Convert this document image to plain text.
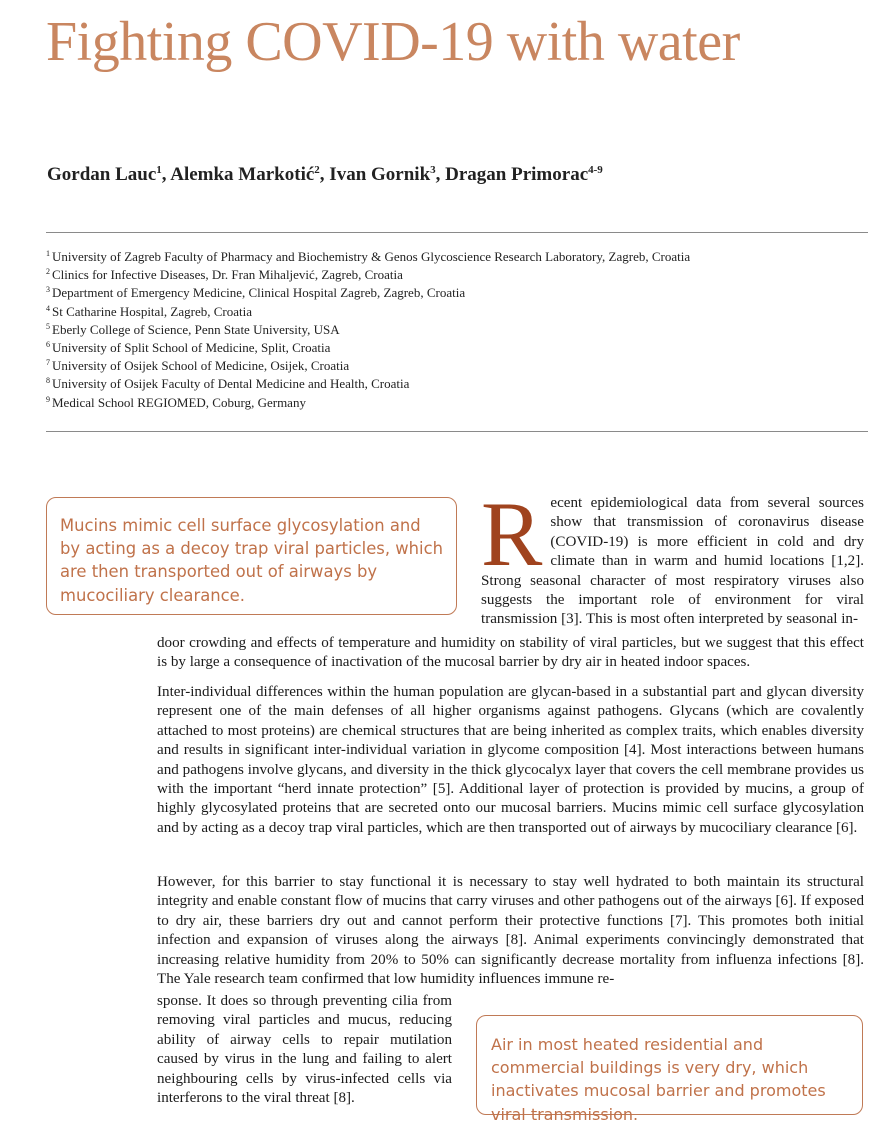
Fighting COVID-19 with water
Gordan Lauc$^1$, Alemka Markotić$^2$, Ivan Gornik$^3$, Dragan Primorac$^{4-9}$
$^1$ University of Zagreb Faculty of Pharmacy and Biochemistry & Genos Glycoscience Research Laboratory, Zagreb, Croatia
$^2$ Clinics for Infective Diseases, Dr. Fran Mihaljević, Zagreb, Croatia
$^3$ Department of Emergency Medicine, Clinical Hospital Zagreb, Zagreb, Croatia
$^4$ St Catharine Hospital, Zagreb, Croatia
$^5$ Eberly College of Science, Penn State University, USA
$^6$ University of Split School of Medicine, Split, Croatia
$^7$ University of Osijek School of Medicine, Osijek, Croatia
$^8$ University of Osijek Faculty of Dental Medicine and Health, Croatia
$^9$ Medical School REGIOMED, Coburg, Germany
Mucins mimic cell surface glycosylation and by acting as a decoy trap viral particles, which are then transported out of airways by mucociliary clearance.

Recent epidemiological data from several sources show that transmission of coronavirus disease (COVID-19) is more efficient in cold and dry climate than in warm and humid locations [1,2]. Strong seasonal character of most respiratory viruses also suggests the important role of environment for viral transmission [3]. This is most often interpreted by seasonal in-

door crowding and effects of temperature and humidity on stability of viral particles, but we suggest that this effect is by large a consequence of inactivation of the mucosal barrier by dry air in heated indoor spaces.

Inter-individual differences within the human population are glycan-based in a substantial part and glycan diversity represent one of the main defenses of all higher organisms against pathogens. Glycans (which are covalently attached to most proteins) are chemical structures that are being inherited as complex traits, which enables diversity and results in significant inter-individual variation in glycome composition [4]. Most interactions between humans and pathogens involve glycans, and diversity in the thick glycocalyx layer that covers the cell membrane provides us with the important “herd innate protection” [5]. Additional layer of protection is provided by mucins, a group of highly glycosylated proteins that are secreted onto our mucosal barriers. Mucins mimic cell surface glycosylation and by acting as a decoy trap viral particles, which are then transported out of airways by mucociliary clearance [6].

However, for this barrier to stay functional it is necessary to stay well hydrated to both maintain its structural integrity and enable constant flow of mucins that carry viruses and other pathogens out of the airways [6]. If exposed to dry air, these barriers dry out and cannot perform their protective functions [7]. This promotes both initial infection and expansion of viruses along the airways [8]. Animal experiments convincingly demonstrated that increasing relative humidity from 20% to 50% can significantly decrease mortality from influenza infections [8]. The Yale research team confirmed that low humidity influences immune re-

sponse. It does so through preventing cilia from removing viral particles and mucus, reducing ability of airway cells to repair mutilation caused by virus in the lung and failing to alert neighbouring cells by virus-infected cells via interferons to the viral threat [8].

Air in most heated residential and commercial buildings is very dry, which inactivates mucosal barrier and promotes viral transmission.
